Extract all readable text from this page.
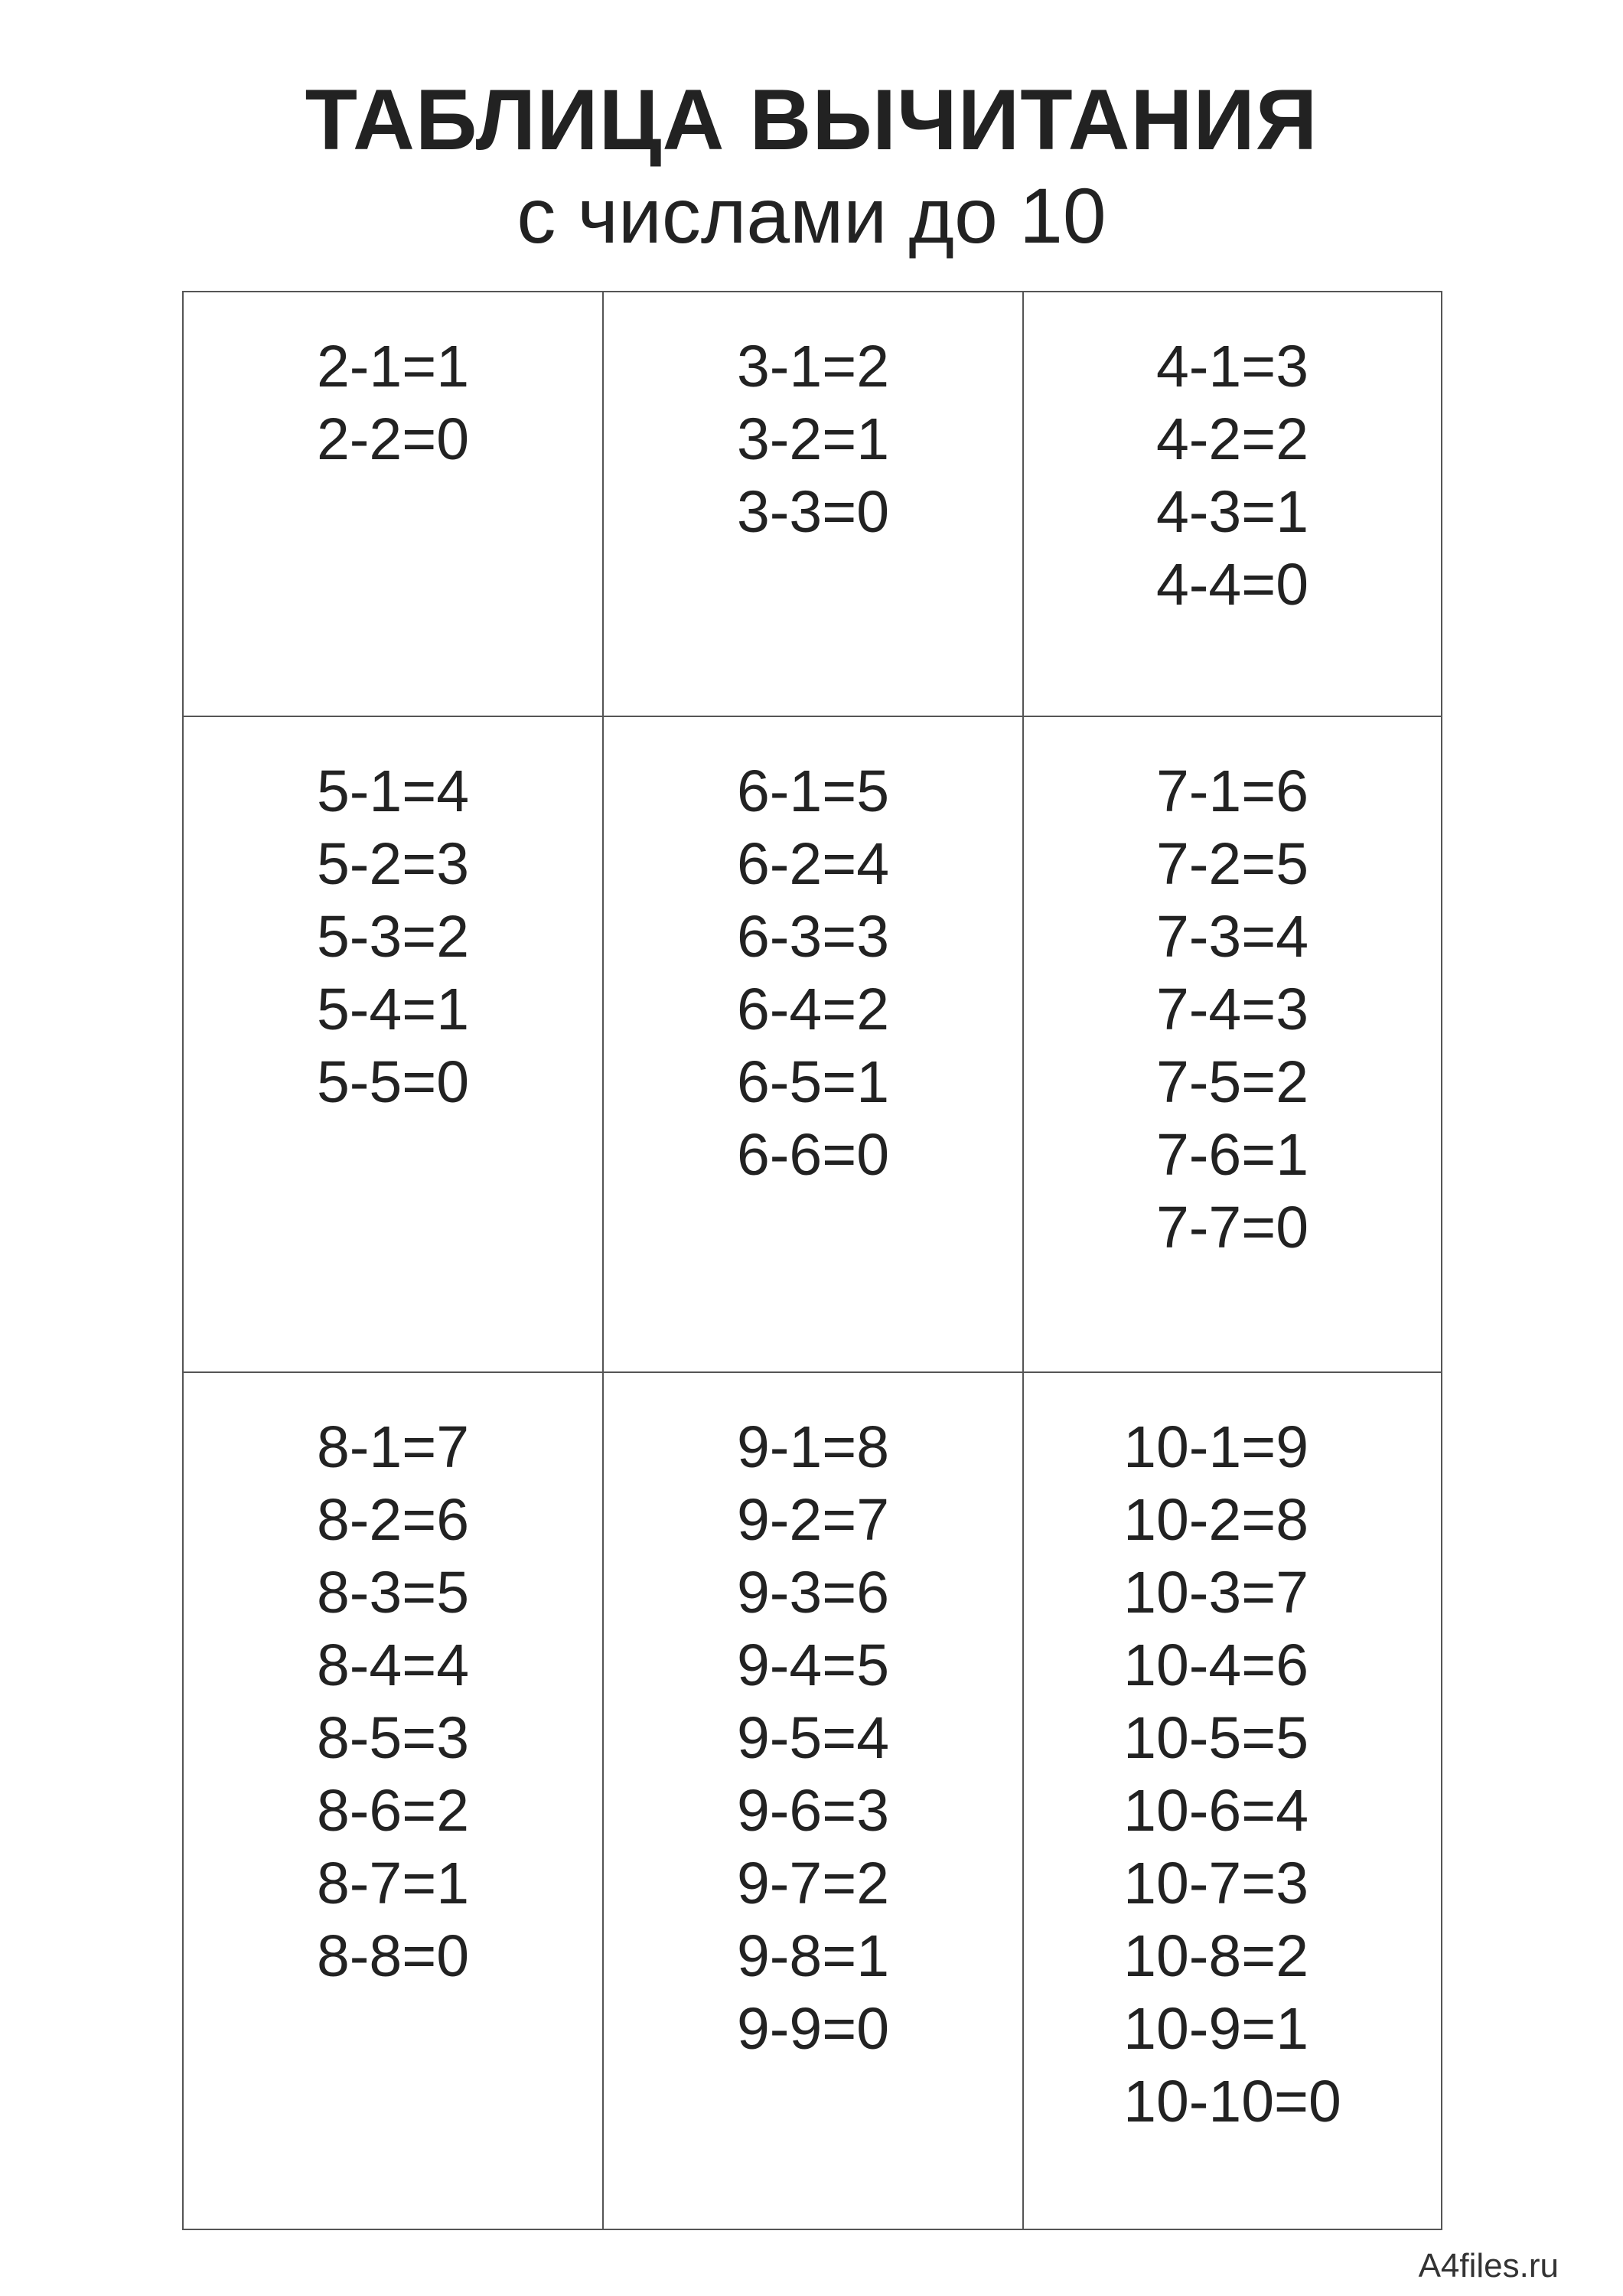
ТАБЛИЦА ВЫЧИТАНИЯ
с числами до 10
2-1=1
2-2=0
3-1=2
3-2=1
3-3=0
4-1=3
4-2=2
4-3=1
4-4=0
5-1=4
5-2=3
5-3=2
5-4=1
5-5=0
6-1=5
6-2=4
6-3=3
6-4=2
6-5=1
6-6=0
7-1=6
7-2=5
7-3=4
7-4=3
7-5=2
7-6=1
7-7=0
8-1=7
8-2=6
8-3=5
8-4=4
8-5=3
8-6=2
8-7=1
8-8=0
9-1=8
9-2=7
9-3=6
9-4=5
9-5=4
9-6=3
9-7=2
9-8=1
9-9=0
10-1=9
10-2=8
10-3=7
10-4=6
10-5=5
10-6=4
10-7=3
10-8=2
10-9=1
10-10=0
A4files.ru
